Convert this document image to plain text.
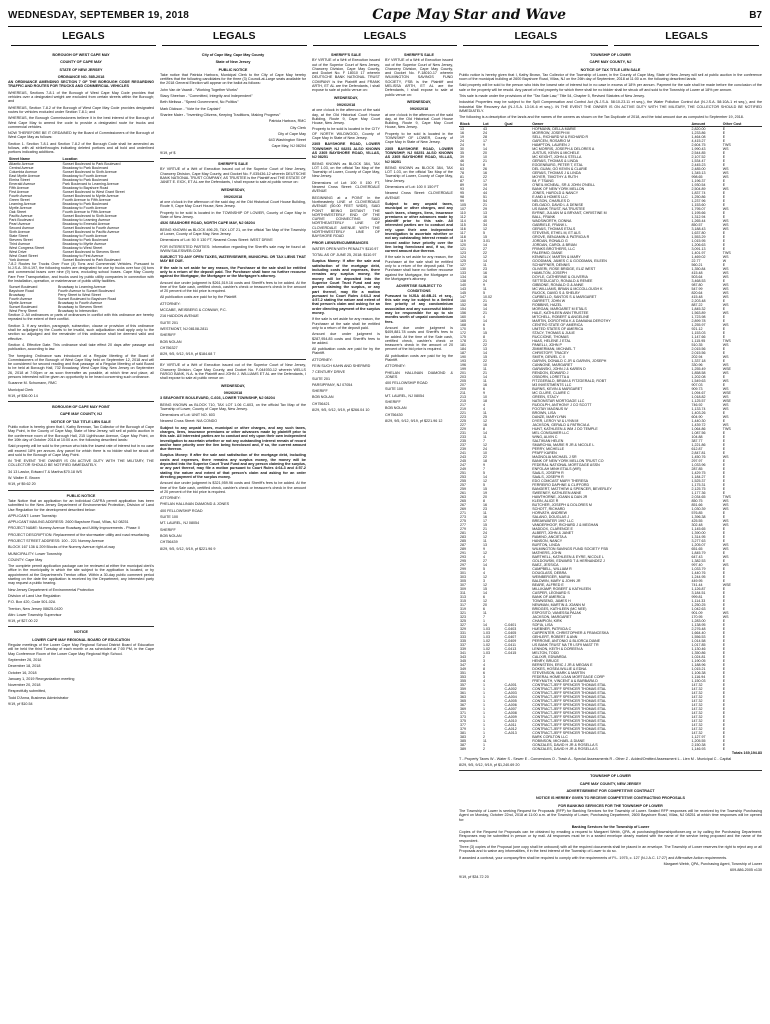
WEDNESDAY, SEPTEMBER 19, 2018	Cape May Star and Wave	B7
LEGALS	LEGALS	LEGALS	LEGALS	LEGALS

BOROUGH OF WEST CAPE MAY

COUNTY OF CAPE MAY

STATE OF NEW JERSEY

ORDINANCE NO. 585-2018

AN ORDINANCE AMENDING SECTION 7 OF THE BOROUGH CODE REGARDING TRAFFIC AND ROUTES FOR TRUCKS AND COMMERCIAL VEHICLES

WHEREAS, Sections 7-8.1 of the Borough of West Cape May Code provides that vehicles over a designated weight are excluded from certain streets within the Borough; and

WHEREAS, Section 7-8.2 of the Borough of West Cape May Code provides designated routes for vehicles excluded under Section 7-8.1; and

WHEREAS, the Borough Commissioners believe it in the best interest of the Borough of West Cape May to amend the code to provide a designated route for trucks and commercial vehicles.

NOW THEREFORE BE IT ORDAINED by the Board of Commissioners of the Borough of West Cape May as follows:

Section 1. Section 7-8.1 and Section 7-8.2 of the Borough Code shall be amended as follows, with all strikethroughs indicating deleted portions and all bold and underlined portions indicating additions.

Street Name	Location
Atlantic Avenue	Sunset Boulevard to Park Boulevard
Central Avenue	Broadway to Park Boulevard
Columbia Avenue	Sunset Boulevard to Sixth Avenue
East Myrtle Avenue	Broadway to Fourth Avenue
Elmira Street	Broadway to Park Boulevard
Emerald Avenue	Park Boulevard to Leaming Avenue
Fifth Avenue	Broadway to Bayshore Road
First Avenue	Sunset Boulevard to West Grant Street
Fourth Avenue	Sunset Boulevard to Myrtle Avenue
Green Street	Fourth Avenue to Fifth Avenue
Leaming Avenue	Broadway to Park Boulevard
Myrtle Avenue	Broadway to Fourth Avenue
Oak Street	Fourth Avenue to Fifth Avenue
Pacific Avenue	Sunset Boulevard to Sixth Avenue
Park Boulevard	Broadway to Leaming Avenue
Pearl Avenue	Broadway to Emerald Avenue
Second Avenue	Sunset Boulevard to Fourth Avenue
Sixth Avenue	Sunset Boulevard to Pacific Avenue
State Street	Broadway to Fourth Avenue
Stevens Street	Broadway to Park Boulevard
Third Avenue	Broadway to Myrtle Avenue
West Congress Street	Broadway to West Street
West Drive	Sunset Boulevard to Stevens Street
West Grant Street	Broadway to First Avenue
York Avenue	Sunset Boulevard to Park Boulevard

7-8.2 Routes for Trucks Over Four (4) Tons and Commercial Vehicles. Pursuant to N.J.S.A. 39:4-197, the following routes are designated for use by trucks over four (4) tons and commercial buses over nine (9) tons, excluding school buses. Cape May County Fare Free Transportation, and trucks used by public utility companies in connection with the installation, operation, or maintenance of public utility facilities.

Sunset Boulevard	Broadway to Leaming Avenue
Bayshore Road	Fourth Avenue to Sunset Boulevard
Broadway	Perry Street to West Street
Fourth Avenue	Sunset Boulevard to Bayshore Road
Myrtle Avenue	Broadway to Fourth Avenue
Sunset Boulevard	Broadway to Stevens Street
West Perry Street	Broadway to Intersection

Section 2. All ordinances or parts of ordinances in conflict with this ordinance are hereby repealed to the extent of their conflict.

Section 3. If any section, paragraph, subsection, clause or provision of this ordinance shall be adjudged by the Courts to be invalid, such adjudication shall apply only to the section so adjudged and the remainder of this ordinance shall be deemed valid and effective.

Section 4. Effective Date. This ordinance shall take effect 20 days after passage and publication, according to law.

The foregoing Ordinance was introduced at a Regular Meeting of the Board of Commissioners of the Borough of West Cape May held on September 12, 2018 and will be considered for second reading and final passage at a Regular Meeting of said Board to be held at Borough Hall, 732 Broadway, West Cape May, New Jersey on September 26, 2018 at 7:00pm or as soon thereafter as possible, at which time and place, all persons interested will be given an opportunity to be heard concerning such ordinance.

Suzanne M. Schumann, RMC

Municipal Clerk

9/19, pf $36.00 14

BOROUGH OF CAPE MAY POINT

CAPE MAY COUNTY, NJ

NOTICE OF TAX TITLE LIEN SALE

Public notice is hereby given that I, Kathy Brennan, Tax Collector of the Borough of Cape May Point, in the County of Cape May, State of New Jersey, will sell at public auction in the conference room of the Borough Hall, 215 Lighthouse Avenue, Cape May Point, on the 10th day of October 2018 at 10:00 a.m. the following described lands:

Said property will be sold to the person who bids the lowest rate of interest but in no case will exceed 18% per annum. Any parcel for which there is no bidder shall be struck off and sold to the Borough of Cape May Point.

IN THE EVENT THE OWNER IS ON ACTIVE DUTY WITH THE MILITARY, THE COLLECTOR SHOULD BE NOTIFIED IMMEDIATELY.

34 13 Lawlor, Edward T & Martha $70.18 WS

W. Walter E. Brown

9/19, pf $9.62 20

PUBLIC NOTICE

Take Notice that an application for an individual CAFRA permit application has been submitted to the New Jersey Department of Environmental Protection, Division of Land Use Regulation for the development described below:

APPLICANT: Lower Township

APPLICANT MAILING ADDRESS: 2600 Bayshore Road, Villas, NJ 08251

PROJECT NAME: Nummy Avenue Roadway and Utility Improvements - Phase II

PROJECT DESCRIPTION: Replacement of the stormwater utility and road resurfacing.

PROJECT STREET ADDRESS: 100 - 221 Nummy Avenue

BLOCK 167 136 & 209 Blocks of the Nummy Avenue right-of-way

MUNICIPALITY: Lower Township

COUNTY: Cape May

The complete permit application package can be reviewed at either the municipal clerk's office in the municipality in which the site subject to the application is located, or by appointment at the Department's Trenton office. Within a 30-day public comment period starting on the date the application is received by the Department, any interested party may request a public hearing.

New Jersey Department of Environmental Protection

Division of Land Use Regulation

P.O. Box 420, Code 501-02A

Trenton, New Jersey 08625-0420

Attn: Lower Township Supervisor

9/19, pf $27.00 22

NOTICE

LOWER CAPE MAY REGIONAL BOARD OF EDUCATION

Regular meetings of the Lower Cape May Regional School District Board of Education will be held the third Tuesday of each month or as scheduled at 7:00 PM, in the Cape May Conference Room of the Lower Cape May Regional High School.

September 26, 2018

December 18, 2018

October 16, 2018

January 1, 2019 Reorganization meeting

November 20, 2018

Respectfully submitted,

Todd D'Anna, Business Administrator

9/19, pf $10.54

City of Cape May, Cape May County

State of New Jersey

PUBLIC NOTICE

Take notice that Patricia Harbora, Municipal Clerk to the City of Cape May hereby certifies that the following candidates for the three (3) Council-at-Large seats available for the 2018 General Election will appear on the ballot as follows:

John Van de Vaardt - "Working Together Works"

Stacy Sheehan - "Committed, Integrity and Independent"

Beth Melissa - "Speed Government, No Politics"

Mark Dickson - "Vote for the Captain"

Shariee Maier - "Inventing Citizens, Keeping Traditions, Making Progress"

Patricia Harbora, RMC

City Clerk

City of Cape May

643 Washington Street

Cape May, NJ 08204

9/19, pf $

SHERIFF'S SALE

BY VIRTUE of a Writ of Execution issued out of the Superior Court of New Jersey, Chancery Division, Cape May County, and Docket No. F-035436-12 wherein DEUTSCHE BANK NATIONAL TRUST COMPANY, AS TRUSTEE is the Plaintiff and THE ESTATE OF JANET E. EICK, ET AL are the Defendants, I shall expose to sale at public venue on:

WEDNESDAY,

09/26/2018

at one o'clock in the afternoon of the said day, at the Old Historical Court House Building, Route 9, Cape May Court House, New Jersey.

Property to be sold is located in the TOWNSHIP OF LOWER, County of Cape May in State of New Jersey.

4526 SEASHORE ROAD, NORTH CAPE MAY, NJ 08204

BEING KNOWN as BLOCK 496.25, TAX LOT 21, on the official Tax Map of the Township of Lower, County of Cape May, New Jersey.

Dimensions of Lot: 50 X 130 FT, Nearest Cross Street: WEST DRIVE

FOR INTERESTED PARTIES: Information regarding the Sheriff's sale may be found at: WWW.SALESWEB.COM

SUBJECT TO ANY OPEN TAXES, WATER/SEWER, MUNICIPAL OR TAX LIENS THAT MAY BE DUE.

If the sale is set aside for any reason, the Purchaser at the sale shall be entitled only to a return of the deposit paid. The Purchaser shall have no further recourse against the Mortgagor, the Mortgagee or the Mortgagee's attorney.

Amount due under judgment is $261,519.16 costs and Sheriff's fees to be added. At the time of the Sale cash, certified check, cashier's check or treasurer's check in the amount of 20 percent of the bid price is required.

All publication costs are paid for by the Plaintiff.

ATTORNEY:

MCCABE, WEISBERG & CONWAY, P.C.

216 HADDON AVENUE

SUITE 201

WESTMONT, NJ 08108-2811

SHERIFF

BOB NOLAN

CH756327

8/29, 9/5, 9/12, 9/19, pf $184.68 7

BY VIRTUE of a Writ of Execution issued out of the Superior Court of New Jersey, Chancery Division, Cape May County, and Docket No. F-044930-12 wherein WELLS FARGO BANK, N.A. is the Plaintiff and JOHN J. WILLIAMS ET AL are the Defendants, I shall expose to sale at public venue on:

WEDNESDAY,

09/26/2018

3 SEAPOINTE BOULEVARD, C-603, LOWER TOWNSHIP, NJ 08204

BEING KNOWN as BLOCK 710, TAX LOT 1.06 C-603, on the official Tax Map of the Township of Lower, County of Cape May, New Jersey.

Dimensions of Lot: UNIT NO. 603

Nearest Cross Street: N/A CONDO

Subject to any unpaid taxes, municipal or other charges, and any such taxes, charges, liens, insurance premiums or other advances made by plaintiff prior to this sale. All interested parties are to conduct and rely upon their own independent investigation to ascertain whether or not any outstanding interest remain of record and/or have priority over the lien being foreclosed and, if so, the current amount due thereon.

Surplus Money: If after the sale and satisfaction of the mortgage debt, including costs and expenses, there remains any surplus money, the money will be deposited into the Superior Court Trust Fund and any person claiming the surplus, or any part thereof, may file a motion pursuant to Court Rules 4:64-3 and 4:57-2 stating the nature and extent of that person's claim and asking for an order directing payment of the surplus money.

Amount due under judgment is $321,959.96 costs and Sheriff's fees to be added. At the time of the Sale cash, certified check, cashier's check or treasurer's check in the amount of 20 percent of the bid price is required.

ATTORNEY:

PHELAN HALLINAN DIAMOND & JONES

400 FELLOWSHIP ROAD

SUITE 100

MT. LAUREL, NJ 08054

SHERIFF

BOB NOLAN

CH756439

8/29, 9/5, 9/12, 9/19, pf $221.96 9

SHERIFF'S SALE

BY VIRTUE of a Writ of Execution issued out of the Superior Court of New Jersey, Chancery Division, Cape May County, and Docket No. F 18010 17 wherein DEUTSCHE BANK NATIONAL TRUST COMPANY is the Plaintiff and FRANK ARTH, ET AL are the Defendants, I shall expose to sale at public venue on:

WEDNESDAY,

09/26/2018

at one o'clock in the afternoon of the said day, at the Old Historical Court House Building, Route 9, Cape May Court House, New Jersey.

Property to be sold is located in the CITY OF NORTH WILDWOOD, County of Cape May in State of New Jersey.

2305 BAYSHORE ROAD, LOWER TOWNSHIP, NJ 08251 ALSO KNOWN AS 2305 BAYSHORE ROAD, VILLAS, NJ 08251

BEING KNOWN as BLOCK 384, TAX LOT 1.03, on the official Tax Map of the Township of Lower, County of Cape May, New Jersey.

Dimensions of Lot: 100 X 150 FT, Nearest Cross Street: CLOVERDALE AVENUE

BEGINNING at a POINT in the Northeasterly LINE of CLOVERDALE AVENUE (50.00 FEET WIDE), SAID POINT BEING DISTANT THE NORTHWESTERLY END OF THE CURVE CONNECTING SAID NORTHEASTERLY LINE OF CLOVERDALE AVENUE WITH THE NORTHWESTERLY LINE OF BAYSHORE ROAD

PRIOR LIENS/ENCUMBRANCES

WATER OPEN WITH PENALTY $110.97

TOTAL AS OF JUNE 25, 2018: $110.97

Surplus Money: If after the sale and satisfaction of the mortgage debt, including costs and expenses, there remains any surplus money, the money will be deposited into the Superior Court Trust Fund and any person claiming the surplus, or any part thereof, may file a motion pursuant to Court Rules 4:64-3 and 4:57-2 stating the nature and extent of that person's claim and asking for an order directing payment of the surplus money.

If the sale is set aside for any reason, the Purchaser at the sale shall be entitled only to a return of the deposit paid.

Amount due under judgment is $287,954.85 costs and Sheriff's fees to be added.

All publication costs are paid for by the Plaintiff.

ATTORNEY:

FEIN SUCH KAHN AND SHEPARD

7 CENTURY DRIVE

SUITE 201

PARSIPPANY, NJ 07054

SHERIFF

BOB NOLAN

CH756421

8/29, 9/5, 9/12, 9/19, pf $266.04 10

SHERIFF'S SALE

BY VIRTUE of a Writ of Execution issued out of the Superior Court of New Jersey, Chancery Division, Cape May County, and Docket No. F-18010-17 wherein WILMINGTON SAVINGS FUND SOCIETY, FSB is the Plaintiff and MELISSA ARTH, ET AL are the Defendants, I shall expose to sale at public venue on:

WEDNESDAY,

09/26/2018

at one o'clock in the afternoon of the said day, at the Old Historical Court House Building, Route 9, Cape May Court House, New Jersey.

Property to be sold is located in the TOWNSHIP OF LOWER, County of Cape May in State of New Jersey.

2305 BAYSHORE ROAD, LOWER TOWNSHIP, NJ 08251 ALSO KNOWN AS 2305 BAYSHORE ROAD, VILLAS, NJ 08251

BEING KNOWN as BLOCK 384, TAX LOT 1.03, on the official Tax Map of the Township of Lower, County of Cape May, New Jersey.

Dimensions of Lot: 100 X 150 FT

Nearest Cross Street: CLOVERDALE AVENUE

Subject to any unpaid taxes, municipal or other charges, and any such taxes, charges, liens, insurance premiums or other advances made by plaintiff prior to this sale. All interested parties are to conduct and rely upon their own independent investigation to ascertain whether or not any outstanding interest remain of record and/or have priority over the lien being foreclosed and, if so, the current amount due thereon.

If the sale is set aside for any reason, the Purchaser at the sale shall be entitled only to a return of the deposit paid. The Purchaser shall have no further recourse against the Mortgagor, the Mortgagee or the Mortgagee's attorney.

ADVERTISE SUBJECT TO CONDITIONS

Pursuant to NJSA 46:8B-21 et seq., this sale may be subject to a limited lien priority of any condominium association and any successful bidder may be responsible for up to six months worth of unpaid condominium fees.

Amount due under judgment is $409,881.78 costs and Sheriff's fees to be added. At the time of the Sale cash, certified check, cashier's check or treasurer's check in the amount of 20 percent of the bid price is required.

All publication costs are paid for by the Plaintiff.

ATTORNEY:

PHELAN HALLINAN DIAMOND & JONES

400 FELLOWSHIP ROAD

SUITE 100

MT. LAUREL, NJ 08054

SHERIFF

BOB NOLAN

CH756430

8/29, 9/5, 9/12, 9/19, pf $221.96 12

TOWNSHIP OF LOWER

CAPE MAY COUNTY, NJ

NOTICE OF TAX TITLE LIEN SALE

Public notice is hereby given that I, Kathy Brown, Tax Collector of the Township of Lower, in the County of Cape May, State of New Jersey will sell at public auction in the conference room of the municipal building at 2600 Bayshore Road, Villas, NJ on the 26th day of September, 2018 at 11:00 a.m. the following described lands:

Said property will be sold to the person who bids the lowest rate of interest but in no case in excess of 18% per annum. Payment for the sale shall be made before the conclusion of the sale or the property will be resold. Any parcel of real property for which there shall be no bidder shall be struck off and sold to the Township of Lower at 18% per annum.

This sale is made under the provisions of the "Tax Sale Law," Title 54, Chapter 5, Revised Statutes of New Jersey.

Industrial Properties may be subject to the Spill Compensation and Control Act (N.J.S.A. 58:10-23.11 et seq.), the Water Pollution Control Act (N.J.S.A. 58:10A-1 et seq.), and the Industrial Site Recovery Act (N.J.S.A. 13:1K-6 et seq.). IN THE EVENT THE OWNER IS ON ACTIVE DUTY WITH THE MILITARY, THE COLLECTOR SHOULD BE NOTIFIED IMMEDIATELY.

The following is a description of the lands and the names of the owners as shown on the Tax Duplicate of 2018, and the total amount due as computed to September 19, 2018.

Block	Lot	Qual	Owner	Amount	Other Cost
13	43		HOFMANN, DELLA MARIE	2,820.00	E
16	24		MORROW, JOSEPH M	1,233.86	E
19	28		SELL, RICHARD W & RICHARD R	1,464.08	E
24	17		GARCEN, ROSARIO M	4,415.27	E
24	9		HAMPTON, LAUREN J	2,604.75	TWS
30	14		MC MORRIS, JOSEPH & DELORES A	1,990.43	WS
35	20		JUSTUS, KEVIN & MICHELE	2,544.85	E
39	10		MC KEIGHT, JOHN & STELLA	2,107.52	E
46	21		GERAIS, THOMAS & LINDA	1,534.47	E
54	8		EGGENBURG, PETER T, ETAL	2,445.23	E
63	26		DEL GUAN, GO KEVIN & CLARIE	2,485.00	WS
78	16		GERAIS, THOMAS J & LINDA	1,345.13	WS
81	22		MOYER, TIMOTHY & RUTH	998.65	WS
87	17		IM, F TSANG	1,196.37	E
89	19		O'NEIL MCNEAL, SR & JOHN O'NEILL	1,930.54	E
93	24		BANK OF NEW YORK MELLON	2,504.89	WS
95	44		JONES, HAROLD & NANCY	1,837.74	E
98	51		E AND A HOMES LLC	1,250.86	E
99	54		NELSON, CHARLES D	1,237.96	E
105	21		DELGADO, DAVID L & DENISE	1,153.60	E
107	29		US BANK TRUST, NA TRUSTEE	1,795.07	WS
110	13		BYRNE, JULIAN M & BRYANT, CHRISTINE M	1,195.66	E
112	16		BALL, FRANK	1,312.94	E
114	40		WADSWORTH, DONNA	1,265.44	WS
115	34		GABRIELE, FRANK L	850.57	WS
116	12		GERAIS, THOMAS ETALS	3,188.43	WS
117	5		STEVENS, ETHEL M, ET ALS	1,637.80	E
118	15		GROVE, BENJAMIN & PATRICIA R	1,553.29	E
119	3.01		JORDAN, RONALD G	1,015.95	E
120	14		JORDAN, CAROL & BRIAN	1,206.63	E
121	27		FRINKS BROTHERS, LLC	3,091.13	E
123	22		PALERMO, DIANE	1,401.97	TWS
124	12		KENNELLY, MARTIN & MARY	1,469.02	WS
125	14		GOODMAN, JAMES C & GOODMAN, EILEEN	22.77	W
127	11		SCHAFFNER, DENNIS	560.21	E
130	23		OLIVIERI, ROSE BRIDGE, ELIZ WEST	1,350.84	WS
133	16		HAMILTON, JOSEPH	415.48	WS
134	16		DOYLE, CATHERINE & OLIVERIA	503.64	WS
138	24		SETTEDUCATO, RONALD & RENEE	3,468.53	E
140	9		GIBBONE, RONALD G & ANNE	987.80	WS
143	11		MC WILLIAMS, BRIAN & MCCOLLOUGH K	547.99	WS
145	5		RUOCK, DAVID S & SHELBY	820.64	WS
147	10.02		CURBELLO, SANTOS S & MARGARET	415.48	WS
150	21		GARRETT, JOHN W	2,203.48	E
152	16		ROBBINS, HAZEL	887.22	WS
154	14		MORGAN, MARGARET M ETALS	1,845.32	E
156	21		HALE, KATHLEEN ANN TRUSTEE	1,563.89	WS
160	4		MITCHELL, ROBERT & ANGELINE	1,723.98	E
165	14		MARTIN, DOROTHEA K & DAMIANA DEROTHY	2,899.78	E
168	6		CENTRO STATE OF AMERICA	1,255.97	WS
170	5		UNITED STATES OF AMERICA	921.12	E
172	15		STACY, THOMAS & JULIE	1,153.03	E
175	8		RUCCIONE, THOMAS	1,147.66	E
178	21		HAAS, HELENE J ETAL	1,115.95	TWS
181	22		PANELLI, JOHN P	510.35	WS
184	13		ZIMMERMAN, MICHAEL T	2,015.56	E
187	14		CHRISTOFF, TRACEY	2,015.56	E
190	15		SMITH, DEWEL C II	202.94	WS
193	22		GARVIN, DONALD C JR & GARVIN, JOSEPH	1,337.18	E
196	10		CANNONE, MARGARET	330.96	WS
199	11		GARANSKI, JOHN J & KAREN D	1,255.49	WSE
201	21		RENDON, EDWARD J	1,858.58	WS
203	14		OSBORN, LORETTA A	1,202.08	E
205	11		FITZGERALD, BRIAN & FITZGERALD, ROBT	1,549.63	WS
207	16		M3 INVESTMENTS LLC	907.03	E
209	6		BURNS, KEVIN & MARGARET	909.73	WS
211	9		MC CLURE, CLAIRE C	1,094.67	WSE
213	10		GREEN, STACY	1,018.82	WS
215	18		NATIONSTAR MORTGAGE LLC	1,125.57	WSE
217	4		RUDOLPH, ANTHONY J CO SCOTT	746.92	WS
219	4		FOOTAY MAGNUS W	1,133.74	WS
221	11		BROWN, LISA	1,403.26	E
223	25		DANZE, MARYLYNN	604.90	WS
225	12		DYER, LEROY W & LYNN M	1,440.30	E
227	16		JACKSON, GERALD & PATRICIA A	1,439.72	WS
229	8		HUNT, KATHLEEN & WM J DO TEMPLE	1,064.86	TWS
231	14		MEL CONSUMER LLC	1,087.56	E
233	11		WING, ALVIN C	104.88	E
235	7		SALTIKIAN HELEN	387.77	E
237	12		SMARCHIA, MARIE R JR & NICOLE L	1,221.86	E
239	24		PERRY, MICHELLE	612.87	E
241	10		PFAFF KAREN	2,847.81	E
243	22		MAGNOLIA MICHAEL J SR	1,450.76	WS
245	18		BANK OF NEW YORK MELLON TRUST CO	297.97	E
247	9		FEDERAL NATIONAL MORTGAGE ASSN	1,033.96	E
249	7		ENFOLAH MINH ETALS (WR)	287.85	E
251	5		SAALS, JOSEPH R	1,429.75	E
253	14		SAALS, JOSEPH R	1,184.27	E
255	12		EDO COMCAST MARY THERESA	1,525.37	E
257	5		FERREIRO DAPHNE & CLIFFORD	1,175.31	E
259	15		BANGERT, MATTHEW & SPENCER, BEVERLEY	2,125.75	E
261	19		SWEENEY, KATHLEEN ANNE	1,177.36	E
263	20		HAWTHORNE, JOANN & DAN JR	2,034.65	TWS
265	8		KLEIN, ALICE R	850.75	WS
267	16		BUTCHER, JOSEPH & DOLORES M	851.66	WS
269	23		SCHOTT, RICHARD	1,030.39	WS
271	11		HORVATH, ANDREW	576.85	E
273	16		SALANO, DOUGLAS J	1,396.38	E
275	17		BREAKWATER 1997 LLC	425.55	WS
277	15		VANDERHOOF, RICHARD J & MEGHAN	302.48	WS
279	21		MADDOX, CLARENCE E	1,145.65	E
281	24		ALBERT, JOHN & JANET	1,390.00	E
283	12		RAMINO, ANCIETA A	1,314.95	E
285	11		HANSON, NANCY	3,277.63	E
287	13		BURTON, LINDA	1,205.07	WS
289	9		WILMINGTON SAVINGS FUND SOCIETY FSB	651.65	WS
291	12		MATHERS, JOHN	1,845.79	E
293	4		BARTHELL, KATHLEEN & EYRE, NICOLE L	647.43	WS
295	27		GOLDOWSKI, EDWARD T & HERNANDEZ J	1,382.53	E
297	14		BAEZ, JESSICA	997.40	WS
299	5		CAMPBELL, WILLIAM R	1,033.79	E
301	4		DOUGLASS, DEBRA	1,440.76	E
303	12		WEINBERGER, MARIA	1,244.95	E
305	3		BALDWIN, MARY & JOHN JR	449.95	E
307	12		BEARE, ALFRED E	741.44	WSE
309	15		MILLIKAMP, ROBERT & KATHLEEN	1,126.87	E
311	14		CASPER, LEONARD S	3,184.51	E
313	6		BANK OF AMERICA	999.81	E
315	12		TOWNSEND, JAMES H	1,114.33	E
317	20		NEWMAN, MARTIN & JOANN M	1,250.25	E
319	6		BRIDGES, KATHLEEN (MC NEE)	1,042.63	E
321	11		ESPOSITO, VANESSA PAJAK	901.09	WS
323	7		JACKSON, MARGARET	170.95	WS
325	1		CHAMPION, KIRK	1,283.00	E
327	14	C-0401	SOFIA, LISA	1,138.95	E
329	1.03	C-0403	HUEBNER, PATRICIA C	2,276.48	E
331	1.03	C-0405	CARPENTER, CHRISTOPHER & FRANCESKA	1,664.40	E
333	1.03	C-0407	GEHLERT, ROBERT & ANN	1,556.53	E
335	1.02	C-0409	PERRONE, ANTONIO & BLIORCA DIANE	1,014.58	E
337	1.02	C-0411	US BANK TRUST NA TR LSF9 MAST TR	1,017.85	E
339	1.02	C-0413	LENNON, KEITH & DOREEN A	1,130.46	E
341	1.03	C-0415	MELTON, TODD	1,350.86	E
343	2		CALIXIR, EDWARDA	1,024.81	E
345	3		HENRY, BRUCE	1,190.05	E
347	4		BERNSTEIN, ERIC J JR & MEGAN E	1,188.96	E
349	8		DOKES, HOSEA WILLIE & EDNA	1,015.21	E
351	6		STEVENSON, MARK & MARTIN	1,106.38	E
353	3		FEDERAL HOME LOAN MORTGAGE CORP	1,116.94	E
355	4		FREYMUTH, VINCENT A & BARBARA D	1,150.03	E
357	1	C-A001	CONTRACT-JEFF SPENCER THOMAS ETAL	147.32	E
359	1	C-A002	CONTRACT-JEFF SPENCER THOMAS ETAL	147.32	E
361	1	C-A003	CONTRACT-JEFF SPENCER THOMAS ETAL	147.32	E
363	1	C-A004	CONTRACT-JEFF SPENCER THOMAS ETAL	147.32	E
365	1	C-A005	CONTRACT-JEFF SPENCER THOMAS ETAL	147.32	E
367	1	C-A006	CONTRACT-JEFF SPENCER THOMAS ETAL	147.32	E
369	1	C-A007	CONTRACT-JEFF SPENCER THOMAS ETAL	147.32	E
371	1	C-A008	CONTRACT-JEFF SPENCER THOMAS ETAL	147.32	E
373	1	C-A009	CONTRACT-JEFF SPENCER THOMAS ETAL	147.32	E
375	1	C-A010	CONTRACT-JEFF SPENCER THOMAS ETAL	147.32	E
377	1	C-A011	CONTRACT-JEFF SPENCER THOMAS ETAL	147.32	E
379	1	C-A012	CONTRACT-JEFF SPENCER THOMAS ETAL	147.32	E
381	1	C-A013	CONTRACT-JEFF SPENCER THOMAS ETAL	147.32	E
383	2		BARK CORLTON LLC	1,127.97	E
385	11		ROBINSON, MICHAEL & DIANE	1,205.55	E
387	1		GONZALES, DAVID H JR & ROSELLA S	2,150.38	E
389	2		GONZALES, DAVID H JR & ROSELLA S	1,146.93	E

Totals 169,194.83

T - Property Taxes W - Water S - Sewer E - Conversions O - Trash A - Special Assessments R - Other Z - Added/Omitted Assessment L - Lien M - Municipal C - Capital

8/29, 9/5, 9/12, 9/19, pf $1,240.69 20

TOWNSHIP OF LOWER

CAPE MAY COUNTY, NEW JERSEY

ADVERTISEMENT FOR COMPETITIVE CONTRACT

NOTICE IS HEREBY GIVEN TO RECEIVE COMPETITIVE CONTRACTING PROPOSALS

FOR BANKING SERVICES FOR THE TOWNSHIP OF LOWER

The Township of Lower is seeking Request for Proposals (RFP) for Banking Services for the Township of Lower. Sealed RFP responses will be received by the Township Purchasing Agent on Monday, October 22nd, 2018 at 11:00 a.m. at the Township of Lower, Purchasing Department, 2600 Bayshore Road, Villas, NJ 08251 at which time responses will be opened for:

Banking Services for the Township of Lower

Copies of the Request for Proposals can be obtained by emailing a request to Margaret Webb, QPA, at purchasing@townshipoflower.org or by calling the Purchasing Department. Responses may be submitted in person or by mail. All responses must be in a sealed envelope clearly marked with the name of the service being proposed and the name of the respondent.

Three (3) copies of the Proposal (one copy shall be unbound) with all the required documents shall be placed in an envelope. The Township of Lower reserves the right to reject any or all Proposals and to waive any informalities, if in the best interest of the Township of Lower to do so.

If awarded a contract, your company/firm shall be required to comply with the requirements of P.L. 1975, c. 127 (N.J.A.C. 17:27) and Affirmative Action requirements.

Margaret Webb, QPA, Purchasing Agent, Township of Lower

609-886-2005 x130

9/19, pf $34.72 20
